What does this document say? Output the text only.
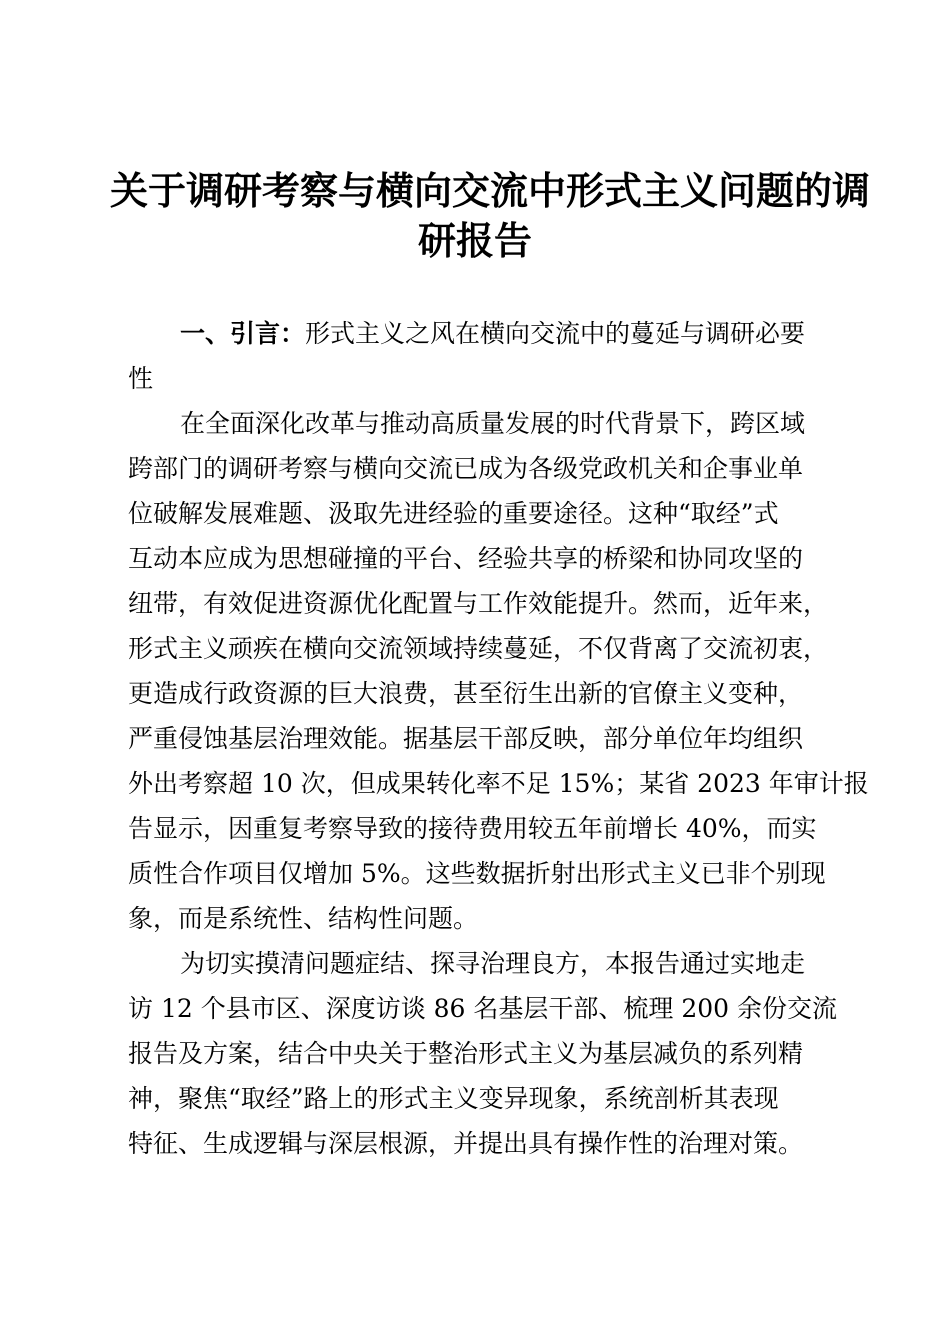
关于调研考察与横向交流中形式主义问题的调
研报告
一、引言：形式主义之风在横向交流中的蔓延与调研必要
性
在全面深化改革与推动高质量发展的时代背景下，跨区域
跨部门的调研考察与横向交流已成为各级党政机关和企事业单
位破解发展难题、汲取先进经验的重要途径。这种“取经”式
互动本应成为思想碰撞的平台、经验共享的桥梁和协同攻坚的
纽带，有效促进资源优化配置与工作效能提升。然而，近年来，
形式主义顽疾在横向交流领域持续蔓延，不仅背离了交流初衷，
更造成行政资源的巨大浪费，甚至衍生出新的官僚主义变种，
严重侵蚀基层治理效能。据基层干部反映，部分单位年均组织
外出考察超 10 次，但成果转化率不足 15%；某省 2023 年审计报
告显示，因重复考察导致的接待费用较五年前增长 40%，而实
质性合作项目仅增加 5%。这些数据折射出形式主义已非个别现
象，而是系统性、结构性问题。
为切实摸清问题症结、探寻治理良方，本报告通过实地走
访 12 个县市区、深度访谈 86 名基层干部、梳理 200 余份交流
报告及方案，结合中央关于整治形式主义为基层减负的系列精
神，聚焦“取经”路上的形式主义变异现象，系统剖析其表现
特征、生成逻辑与深层根源，并提出具有操作性的治理对策。
